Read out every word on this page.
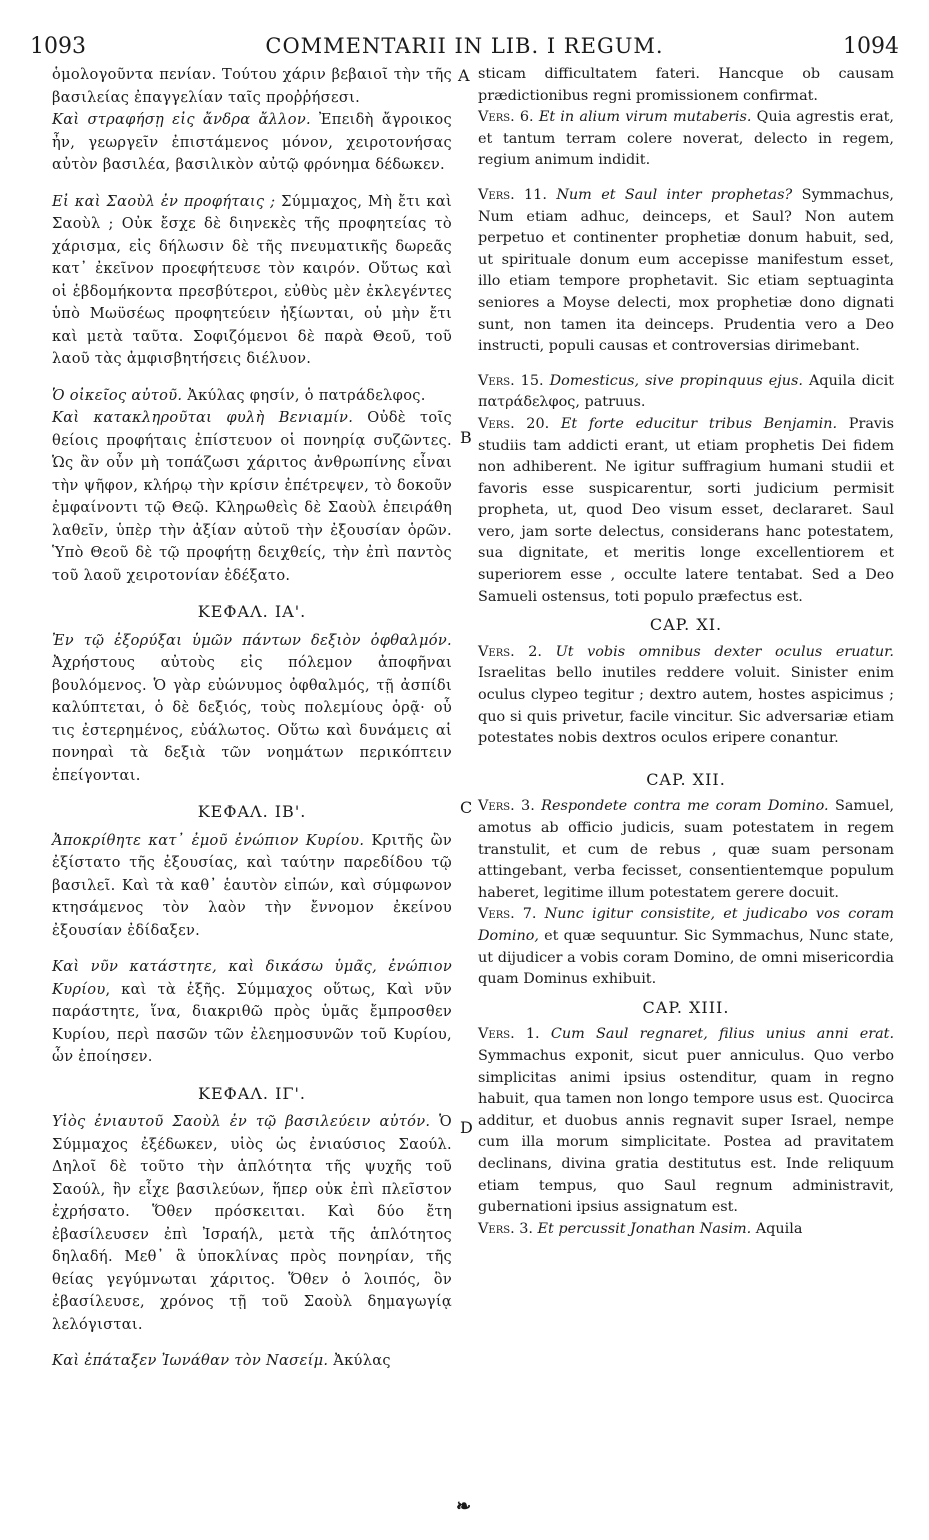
1093	COMMENTARII IN LIB. I REGUM.	1094
A
B
C
D

ὁμολογοῦντα πενίαν. Τούτου χάριν βεβαιοῖ τὴν τῆς βασιλείας ἐπαγγελίαν ταῖς προῤῥήσεσι.

Καὶ στραφήσῃ εἰς ἄνδρα ἄλλον. Ἐπειδὴ ἄγροικος ἦν, γεωργεῖν ἐπιστάμενος μόνον, χειροτονήσας αὐτὸν βασιλέα, βασιλικὸν αὐτῷ φρόνημα δέδωκεν.

Εἰ καὶ Σαοὺλ ἐν προφήταις ; Σύμμαχος, Μὴ ἔτι καὶ Σαοὺλ ; Οὐκ ἔσχε δὲ διηνεκὲς τῆς προφητείας τὸ χάρισμα, εἰς δήλωσιν δὲ τῆς πνευματικῆς δωρεᾶς κατ᾽ ἐκεῖνον προεφήτευσε τὸν καιρόν. Οὕτως καὶ οἱ ἑβδομήκοντα πρεσβύτεροι, εὐθὺς μὲν ἐκλεγέντες ὑπὸ Μωϋσέως προφητεύειν ἠξίωνται, οὐ μὴν ἔτι καὶ μετὰ ταῦτα. Σοφιζόμενοι δὲ παρὰ Θεοῦ, τοῦ λαοῦ τὰς ἀμφισβητήσεις διέλυον.

Ὁ οἰκεῖος αὐτοῦ. Ἀκύλας φησίν, ὁ πατράδελφος.

Καὶ κατακληροῦται φυλὴ Βενιαμίν. Οὐδὲ τοῖς θείοις προφήταις ἐπίστευον οἱ πονηρίᾳ συζῶντες. Ὡς ἂν οὖν μὴ τοπάζωσι χάριτος ἀνθρωπίνης εἶναι τὴν ψῆφον, κλήρῳ τὴν κρίσιν ἐπέτρεψεν, τὸ δοκοῦν ἐμφαίνοντι τῷ Θεῷ. Κληρωθεὶς δὲ Σαοὺλ ἐπειράθη λαθεῖν, ὑπὲρ τὴν ἀξίαν αὐτοῦ τὴν ἐξουσίαν ὁρῶν. Ὑπὸ Θεοῦ δὲ τῷ προφήτῃ δειχθείς, τὴν ἐπὶ παντὸς τοῦ λαοῦ χειροτονίαν ἐδέξατο.

ΚΕΦΑΛ. ΙΑ'.

Ἐν τῷ ἐξορύξαι ὑμῶν πάντων δεξιὸν ὀφθαλμόν. Ἀχρήστους αὐτοὺς εἰς πόλεμον ἀποφῆναι βουλόμενος. Ὁ γὰρ εὐώνυμος ὀφθαλμός, τῇ ἀσπίδι καλύπτεται, ὁ δὲ δεξιός, τοὺς πολεμίους ὁρᾷ· οὗ τις ἐστερημένος, εὐάλωτος. Οὕτω καὶ δυνάμεις αἱ πονηραὶ τὰ δεξιὰ τῶν νοημάτων περικόπτειν ἐπείγονται.

ΚΕΦΑΛ. ΙΒ'.

Ἀποκρίθητε κατ᾽ ἐμοῦ ἐνώπιον Κυρίου. Κριτῆς ὢν ἐξίστατο τῆς ἐξουσίας, καὶ ταύτην παρεδίδου τῷ βασιλεῖ. Καὶ τὰ καθ᾽ ἑαυτὸν εἰπών, καὶ σύμφωνον κτησάμενος τὸν λαὸν τὴν ἔννομον ἐκείνου ἐξουσίαν ἐδίδαξεν.

Καὶ νῦν κατάστητε, καὶ δικάσω ὑμᾶς, ἐνώπιον Κυρίου, καὶ τὰ ἑξῆς. Σύμμαχος οὕτως, Καὶ νῦν παράστητε, ἵνα, διακριθῶ πρὸς ὑμᾶς ἔμπροσθεν Κυρίου, περὶ πασῶν τῶν ἐλεημοσυνῶν τοῦ Κυρίου, ὧν ἐποίησεν.

ΚΕΦΑΛ. ΙΓ'.

Υἱὸς ἐνιαυτοῦ Σαοὺλ ἐν τῷ βασιλεύειν αὐτόν. Ὁ Σύμμαχος ἐξέδωκεν, υἱὸς ὡς ἐνιαύσιος Σαούλ. Δηλοῖ δὲ τοῦτο τὴν ἁπλότητα τῆς ψυχῆς τοῦ Σαούλ, ἣν εἶχε βασιλεύων, ἥπερ οὐκ ἐπὶ πλεῖστον ἐχρήσατο. Ὅθεν πρόσκειται. Καὶ δύο ἔτη ἐβασίλευσεν ἐπὶ Ἰσραήλ, μετὰ τῆς ἁπλότητος δηλαδή. Μεθ᾽ ἃ ὑποκλίνας πρὸς πονηρίαν, τῆς θείας γεγύμνωται χάριτος. Ὅθεν ὁ λοιπός, ὃν ἐβασίλευσε, χρόνος τῇ τοῦ Σαοὺλ δημαγωγίᾳ λελόγισται.

Καὶ ἐπάταξεν Ἰωνάθαν τὸν Νασείμ. Ἀκύλας

sticam difficultatem fateri. Hancque ob causam prædictionibus regni promissionem confirmat.

Vers. 6. Et in alium virum mutaberis. Quia agrestis erat, et tantum terram colere noverat, delecto in regem, regium animum indidit.

Vers. 11. Num et Saul inter prophetas? Symmachus, Num etiam adhuc, deinceps, et Saul? Non autem perpetuo et continenter prophetiæ donum habuit, sed, ut spirituale donum eum accepisse manifestum esset, illo etiam tempore prophetavit. Sic etiam septuaginta seniores a Moyse delecti, mox prophetiæ dono dignati sunt, non tamen ita deinceps. Prudentia vero a Deo instructi, populi causas et controversias dirimebant.

Vers. 15. Domesticus, sive propinquus ejus. Aquila dicit πατράδελφος, patruus.

Vers. 20. Et forte educitur tribus Benjamin. Pravis studiis tam addicti erant, ut etiam prophetis Dei fidem non adhiberent. Ne igitur suffragium humani studii et favoris esse suspicarentur, sorti judicium permisit propheta, ut, quod Deo visum esset, declararet. Saul vero, jam sorte delectus, considerans hanc potestatem, sua dignitate, et meritis longe excellentiorem et superiorem esse , occulte latere tentabat. Sed a Deo Samueli ostensus, toti populo præfectus est.

CAP. XI.

Vers. 2. Ut vobis omnibus dexter oculus eruatur. Israelitas bello inutiles reddere voluit. Sinister enim oculus clypeo tegitur ; dextro autem, hostes aspicimus ; quo si quis privetur, facile vincitur. Sic adversariæ etiam potestates nobis dextros oculos eripere conantur.

CAP. XII.

Vers. 3. Respondete contra me coram Domino. Samuel, amotus ab officio judicis, suam potestatem in regem transtulit, et cum de rebus , quæ suam personam attingebant, verba fecisset, consentientemque populum haberet, legitime illum potestatem gerere docuit.

Vers. 7. Nunc igitur consistite, et judicabo vos coram Domino, et quæ sequuntur. Sic Symmachus, Nunc state, ut dijudicer a vobis coram Domino, de omni misericordia quam Dominus exhibuit.

CAP. XIII.

Vers. 1. Cum Saul regnaret, filius unius anni erat. Symmachus exponit, sicut puer anniculus. Quo verbo simplicitas animi ipsius ostenditur, quam in regno habuit, qua tamen non longo tempore usus est. Quocirca additur, et duobus annis regnavit super Israel, nempe cum illa morum simplicitate. Postea ad pravitatem declinans, divina gratia destitutus est. Inde reliquum etiam tempus, quo Saul regnum administravit, gubernationi ipsius assignatum est.

Vers. 3. Et percussit Jonathan Nasim. Aquila

❧
